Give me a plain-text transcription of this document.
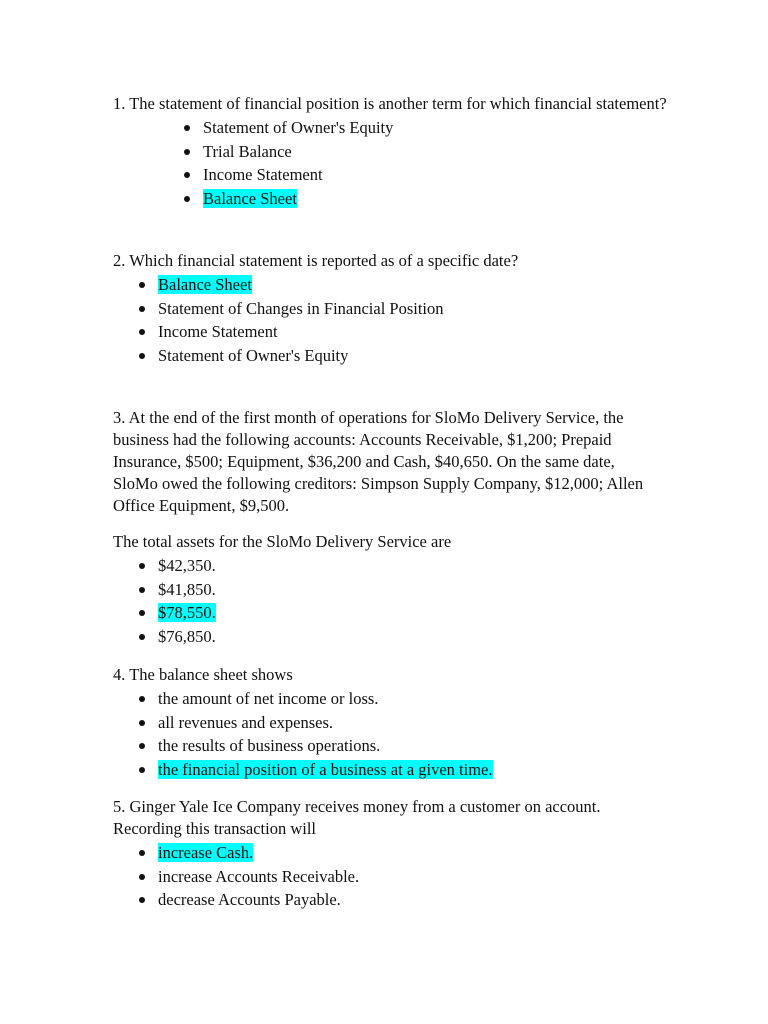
1. The statement of financial position is another term for which financial statement?

Statement of Owner's Equity
Trial Balance
Income Statement
Balance Sheet

2. Which financial statement is reported as of a specific date?

Balance Sheet
Statement of Changes in Financial Position
Income Statement
Statement of Owner's Equity

3. At the end of the first month of operations for SloMo Delivery Service, the business had the following accounts: Accounts Receivable, $1,200; Prepaid Insurance, $500; Equipment, $36,200 and Cash, $40,650. On the same date, SloMo owed the following creditors: Simpson Supply Company, $12,000; Allen Office Equipment, $9,500.

The total assets for the SloMo Delivery Service are

$42,350.
$41,850.
$78,550.
$76,850.

4. The balance sheet shows

the amount of net income or loss.
all revenues and expenses.
the results of business operations.
the financial position of a business at a given time.

5. Ginger Yale Ice Company receives money from a customer on account. Recording this transaction will

increase Cash.
increase Accounts Receivable.
decrease Accounts Payable.
